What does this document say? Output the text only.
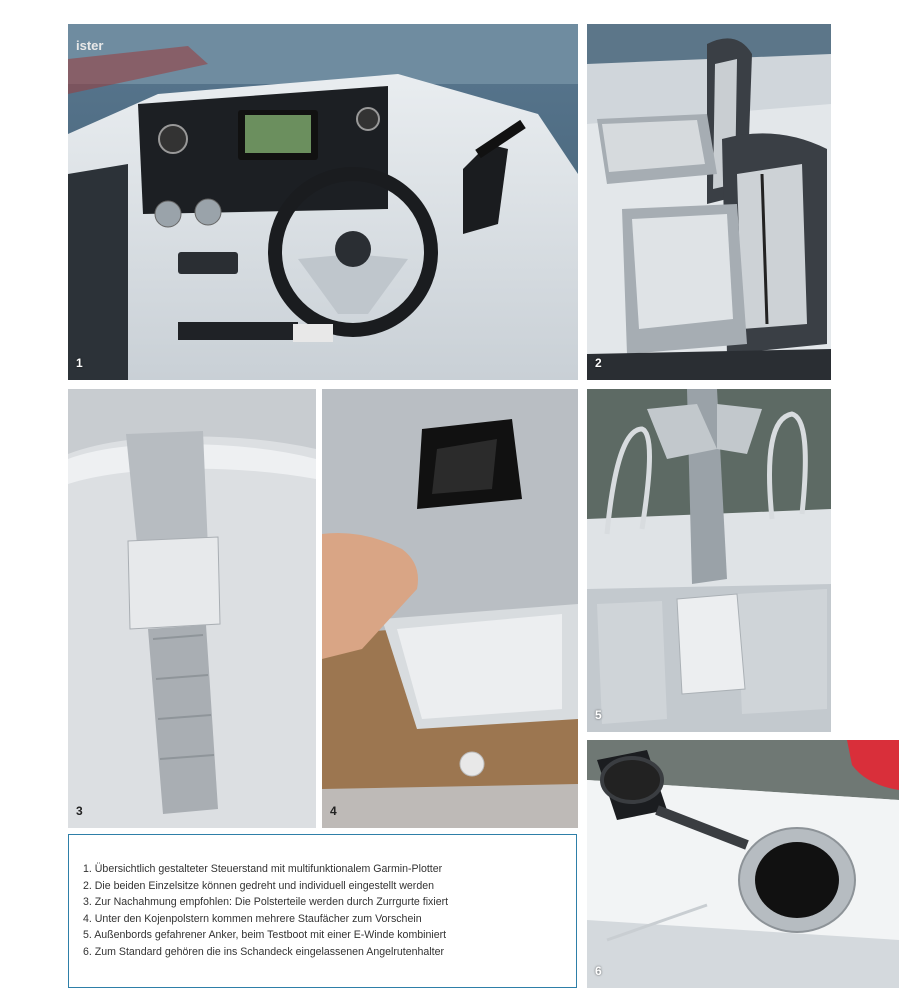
ister
1	2
3	4
5
6
1. Übersichtlich gestalteter Steuerstand mit multifunktionalem Garmin-Plotter
2. Die beiden Einzelsitze können gedreht und individuell eingestellt werden
3. Zur Nachahmung empfohlen: Die Polsterteile werden durch Zurrgurte fixiert
4. Unter den Kojenpolstern kommen mehrere Staufächer zum Vorschein
5. Außenbords gefahrener Anker, beim Testboot mit einer E-Winde kombiniert
6. Zum Standard gehören die ins Schandeck eingelassenen Angelrutenhalter
